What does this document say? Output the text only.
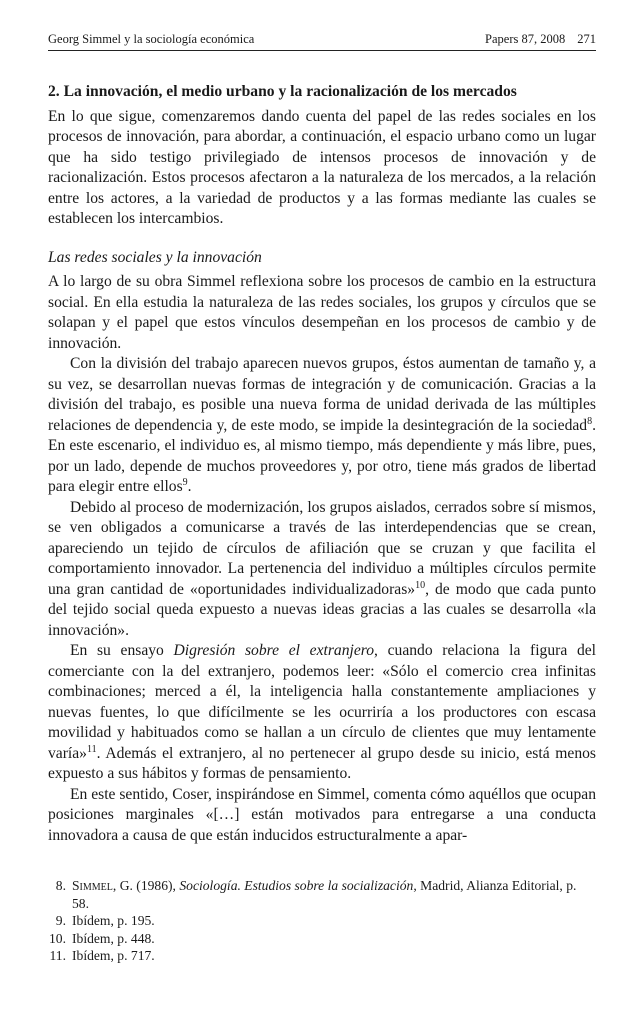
Georg Simmel y la sociología económica	Papers 87, 2008 271
2. La innovación, el medio urbano y la racionalización de los mercados

En lo que sigue, comenzaremos dando cuenta del papel de las redes sociales en los procesos de innovación, para abordar, a continuación, el espacio urbano como un lugar que ha sido testigo privilegiado de intensos procesos de innovación y de racionalización. Estos procesos afectaron a la naturaleza de los mercados, a la relación entre los actores, a la variedad de productos y a las formas mediante las cuales se establecen los intercambios.

Las redes sociales y la innovación

A lo largo de su obra Simmel reflexiona sobre los procesos de cambio en la estructura social. En ella estudia la naturaleza de las redes sociales, los grupos y círculos que se solapan y el papel que estos vínculos desempeñan en los procesos de cambio y de innovación.

Con la división del trabajo aparecen nuevos grupos, éstos aumentan de tamaño y, a su vez, se desarrollan nuevas formas de integración y de comunicación. Gracias a la división del trabajo, es posible una nueva forma de unidad derivada de las múltiples relaciones de dependencia y, de este modo, se impide la desintegración de la sociedad$^8$. En este escenario, el individuo es, al mismo tiempo, más dependiente y más libre, pues, por un lado, depende de muchos proveedores y, por otro, tiene más grados de libertad para elegir entre ellos$^9$.

Debido al proceso de modernización, los grupos aislados, cerrados sobre sí mismos, se ven obligados a comunicarse a través de las interdependencias que se crean, apareciendo un tejido de círculos de afiliación que se cruzan y que facilita el comportamiento innovador. La pertenencia del individuo a múltiples círculos permite una gran cantidad de «oportunidades individualizadoras»$^{10}$, de modo que cada punto del tejido social queda expuesto a nuevas ideas gracias a las cuales se desarrolla «la innovación».

En su ensayo Digresión sobre el extranjero, cuando relaciona la figura del comerciante con la del extranjero, podemos leer: «Sólo el comercio crea infinitas combinaciones; merced a él, la inteligencia halla constantemente ampliaciones y nuevas fuentes, lo que difícilmente se les ocurriría a los productores con escasa movilidad y habituados como se hallan a un círculo de clientes que muy lentamente varía»$^{11}$. Además el extranjero, al no pertenecer al grupo desde su inicio, está menos expuesto a sus hábitos y formas de pensamiento.

En este sentido, Coser, inspirándose en Simmel, comenta cómo aquéllos que ocupan posiciones marginales «[…] están motivados para entregarse a una conducta innovadora a causa de que están inducidos estructuralmente a apar-

8. Simmel, G. (1986), Sociología. Estudios sobre la socialización, Madrid, Alianza Editorial, p. 58.
9. Ibídem, p. 195.
10. Ibídem, p. 448.
11. Ibídem, p. 717.
